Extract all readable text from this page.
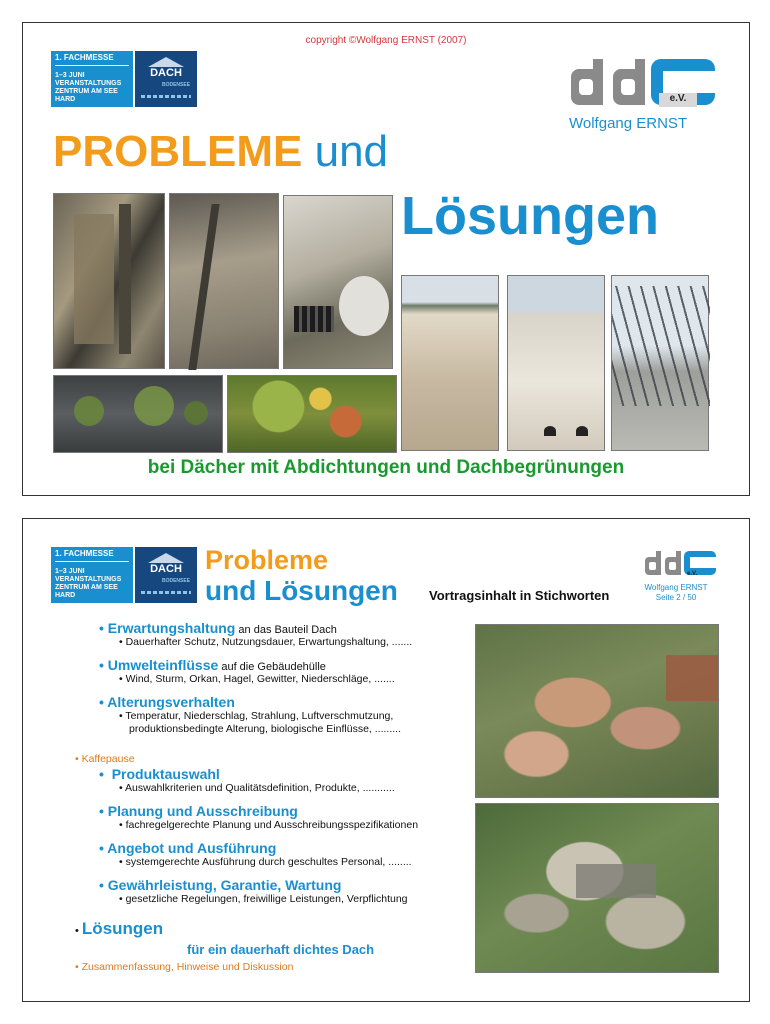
copyright ©Wolfgang ERNST (2007)
1. FACHMESSE
1–3 JUNI
VERANSTALTUNGS
ZENTRUM AM SEE
HARD
DACH
BODENSEE
e.V.
Wolfgang ERNST
PROBLEME und
Lösungen
bei Dächer mit Abdichtungen und Dachbegrünungen
1. FACHMESSE
1–3 JUNI
VERANSTALTUNGS
ZENTRUM AM SEE
HARD
DACH
BODENSEE
Probleme
und Lösungen Vortragsinhalt in Stichworten
e.V.
Wolfgang ERNST
Seite 2 / 50
• Erwartungshaltung an das Bauteil Dach
• Dauerhafter Schutz, Nutzungsdauer, Erwartungshaltung, .......
• Umwelteinflüsse auf die Gebäudehülle
• Wind, Sturm, Orkan, Hagel, Gewitter, Niederschläge, .......
• Alterungsverhalten
• Temperatur, Niederschlag, Strahlung, Luftverschmutzung,
produktionsbedingte Alterung, biologische Einflüsse, .........
• Kaffepause
•  Produktauswahl
• Auswahlkriterien und Qualitätsdefinition, Produkte, ...........
• Planung und Ausschreibung
• fachregelgerechte Planung und Ausschreibungsspezifikationen
• Angebot und Ausführung
• systemgerechte Ausführung durch geschultes Personal, ........
• Gewährleistung, Garantie, Wartung
• gesetzliche Regelungen, freiwillige Leistungen, Verpflichtung
• Lösungen
für ein dauerhaft dichtes Dach
• Zusammenfassung, Hinweise und Diskussion
